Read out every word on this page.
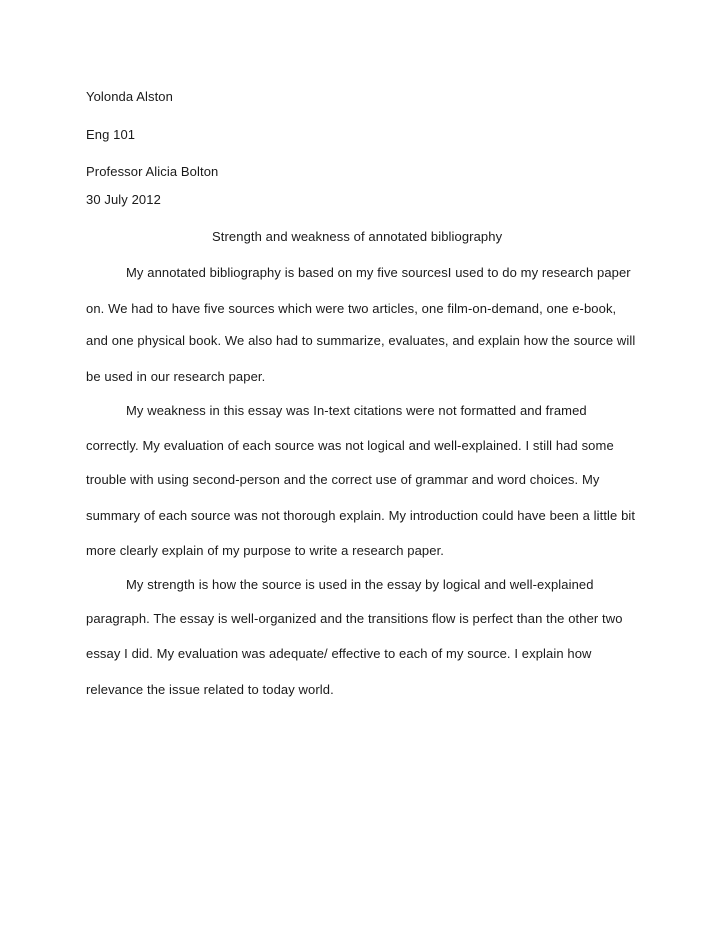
Yolonda Alston
Eng 101
Professor Alicia Bolton
30 July 2012
Strength and weakness of annotated bibliography
My annotated bibliography is based on my five sourcesI used to do my research paper
on. We had to have five sources which were two articles, one film-on-demand, one e-book,
and one physical book. We also had to summarize, evaluates, and explain how the source will
be used in our research paper.
My weakness in this essay was In-text citations were not formatted and framed
correctly. My evaluation of each source was not logical and well-explained. I still had some
trouble with using second-person and the correct use of grammar and word choices. My
summary of each source was not thorough explain. My introduction could have been a little bit
more clearly explain of my purpose to write a research paper.
My strength is how the source is used in the essay by logical and well-explained
paragraph. The essay is well-organized and the transitions flow is perfect than the other two
essay I did. My evaluation was adequate/ effective to each of my source. I explain how
relevance the issue related to today world.
